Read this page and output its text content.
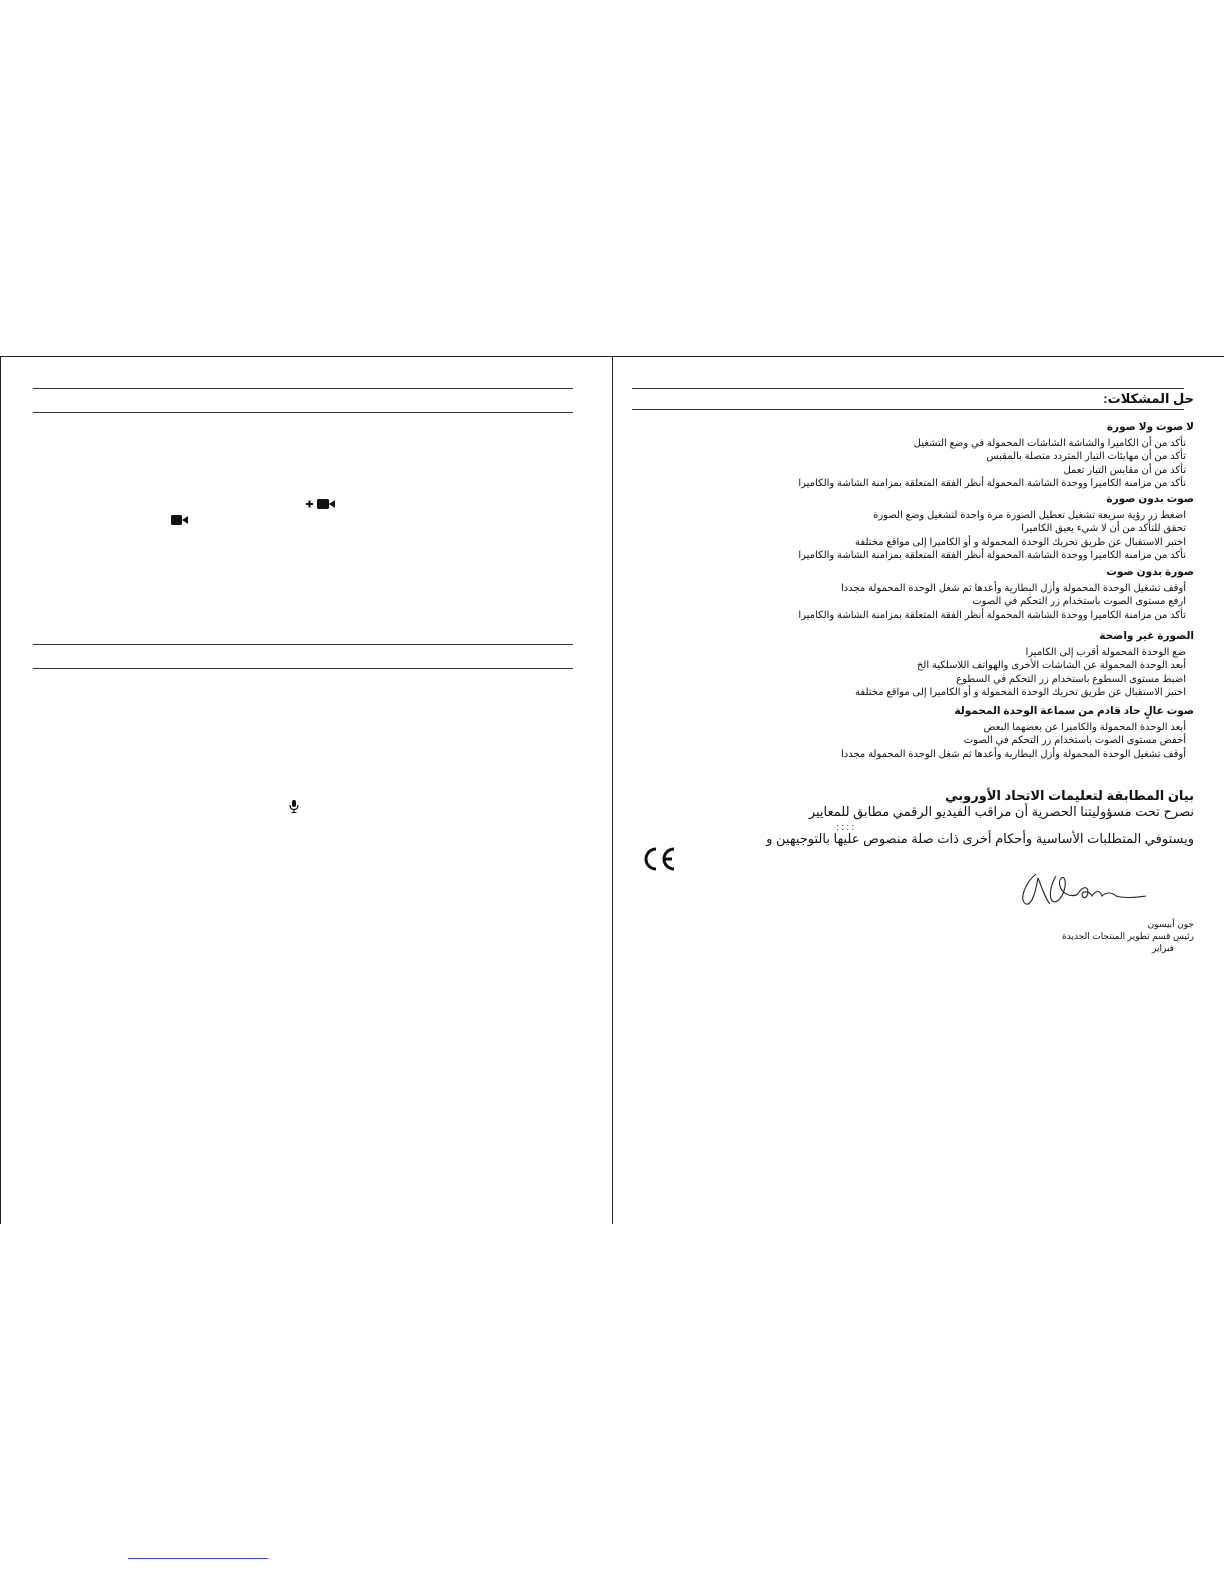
حل المشكلات:
لا صوت ولا صورة
تأكد من أن الكاميرا والشاشة الشاشات المحمولة في وضع التشغيل
تأكد من أن مهايئات التيار المتردد متصلة بالمقبس
تأكد من أن مقابس التيار تعمل
تأكد من مزامنة الكاميرا ووحدة الشاشة المحمولة أنظر الفقة المتعلقة بمزامنة الشاشة والكاميرا
صوت بدون صورة
اضغط زر رؤية سريعة تشغيل تعطيل الصورة مرة واحدة لتشغيل وضع الصورة
تحقق للتأكد من أن لا شيء يعيق الكاميرا
اختبر الاستقبال عن طريق تحريك الوحدة المحمولة و أو الكاميرا إلى مواقع مختلفة
تأكد من مزامنة الكاميرا ووحدة الشاشة المحمولة أنظر الفقة المتعلقة بمزامنة الشاشة والكاميرا
صورة بدون صوت
أوقف تشغيل الوحدة المحمولة وأزل البطارية وأعدها ثم شغل الوحدة المحمولة مجددا
ارفع مستوى الصوت باستخدام زر التحكم في الصوت
تأكد من مزامنة الكاميرا ووحدة الشاشة المحمولة أنظر الفقة المتعلقة بمزامنة الشاشة والكاميرا
الصورة غير واضحة
ضع الوحدة المحمولة أقرب إلى الكاميرا
أبعد الوحدة المحمولة عن الشاشات الأخرى والهواتف اللاسلكية الخ
اضبط مستوى السطوع باستخدام زر التحكم في السطوع
اختبر الاستقبال عن طريق تحريك الوحدة المحمولة و أو الكاميرا إلى مواقع مختلفة
صوت عالٍ حاد قادم من سماعة الوحدة المحمولة
أبعد الوحدة المحمولة والكاميرا عن بعضهما البعض
أخفض مستوى الصوت باستخدام زر التحكم في الصوت
أوقف تشغيل الوحدة المحمولة وأزل البطارية وأعدها ثم شغل الوحدة المحمولة مجددا
بيان المطابقة لتعليمات الاتحاد الأوروبي
نصرح تحت مسؤوليتنا الحصرية أن مراقب الفيديو الرقمي مطابق للمعايير
: : : :
ويستوفي المتطلبات الأساسية وأحكام أخرى ذات صلة منصوص عليها بالتوجيهين و
جون أبيسون
رئيس قسم تطوير المنتجات الجديدة
فبراير
